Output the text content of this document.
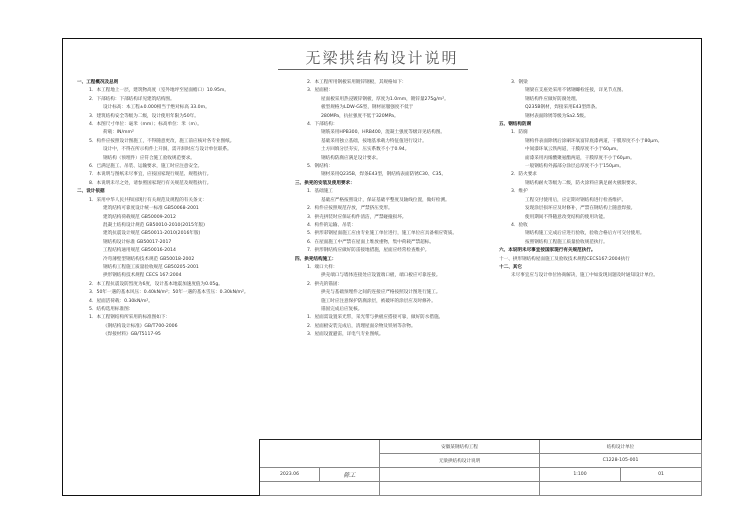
无梁拱结构设计说明
一、工程概况及总则
1．本工程地上一层，建筑物高度（室外地坪至屋面檐口）10.95m。
2．下部结构：下部结构详见建筑结构图。
设计标高：本工程±0.000相当于绝对标高 33.0m。
3．建筑结构安全等级为二级，设计使用年限为50年。
4．本图尺寸单位：毫米（mm）；标高单位：米（m）。
荷载：lN/mm²
5．构件应按照设计图施工，不得随意更改，施工前应核对各专业图纸。
设计中，不得在所示构件上开洞，需开洞时应与设计单位联系。
钢结构（预埋件）应符合施工验收规范要求。
6．已满足施工、吊装、运输要求，施工时应注意安全。
7．本说明与图纸未尽事宜，应按国家现行规范、规程执行。
8．本说明未尽之处，请参照国家现行有关规范及规程执行。
二、设计依据
1．采用中华人民共和国现行有关规范及规程的有关条文：
建筑结构可靠度设计统一标准 GB50068-2001
建筑结构荷载规范 GB50009-2012
混凝土结构设计规范 GB50010-2010(2015年版)
建筑抗震设计规范 GB50011-2010(2016年版)
钢结构设计标准 GB50017-2017
工程结构通用规范 GB50016-2014
冷弯薄壁型钢结构技术规范 GB50018-2002
钢结构工程施工质量验收规范 GB50205-2001
拱形钢结构技术规程 CECS 167:2004
2．本工程抗震设防烈度为6度，设计基本地震加速度值为0.05g。
3．50年一遇的基本风压：0.40kN/m²；50年一遇的基本雪压：0.30kN/m²。
4．屋面活荷载：0.30kN/m²。
5．结构选用标准图：
1．本工程钢结构所采用的标准图如下：
《钢结构设计标准》GB/T700-2006
《焊接材料》GB/T5117-95
2．本工程所用钢板采用镀锌钢板，其规格如下：
3．屋面板：
屋面板采用热浸镀锌钢板，厚度为1.0mm，镀锌量275g/m²。
板型规格为LDW-GS型，钢材屈服强度不低于
280MPa，抗拉强度不低于320MPa。
4．下部结构：
钢筋采用HPB300、HRB400，混凝土强度等级详见结构图。
基础采用独立基础，按地基承载力特征值进行设计。
土方回填分层夯实，压实系数不小于0.94。
钢结构防腐应满足设计要求。
5．钢结构：
钢材采用Q235B，焊条E43型，钢结构表面防锈C30、C35。
三、拱壳的安装及使用要求：
1．基础施工
基础应严格按照设计，保证基础平整度及轴线位置，做好检测。
2．构件应按照规范存放，严禁挤压变形。
3．拱壳拼装时应保证构件清洁，严禁碰撞损坏。
4．构件的运输、吊装：
5．拱形彩钢屋面施工应由专业施工单位进行，施工单位应具备相应资质。
6．在屋面施工中严禁在屋面上堆放重物，集中荷载严禁超标。
7．拱形钢结构应做好防雷接地措施，屋面应经常检查维护。
四、拱壳结构施工：
1．端口大样：
拱壳端口与墙体连接处应设置端口板，端口板应可靠连接。
2．拱壳的锚固：
拱壳与基础预埋件之间的连接应严格按照设计图进行施工。
施工时应注意保护防腐涂层，被破坏的涂层应及时修补。
锚固完成后应复核。
1．屋面需设置采光带，采光带与拱板应搭接可靠，做好防水措施。
2．屋面板安装完成后，清理屋面杂物及铁屑等杂物。
3．屋面设置避雷，详电气专业图纸。
3．钢梁
钢梁在支座处采用不锈钢螺栓连接，详见节点图。
钢结构件应做好防腐处理。
Q235B钢材，焊接采用E43型焊条。
钢材表面除锈等级为Sa2.5级。
五、钢结构防腐
1．防腐
钢构件表面除锈后涂刷环氧富锌底漆两道，干膜厚度不小于80μm。
中间漆环氧云铁两道，干膜厚度不小于60μm。
面漆采用丙烯酸聚氨酯两道，干膜厚度不小于60μm。
一般钢结构外露部分涂层总厚度不小于150μm。
2．防火要求
钢结构耐火等级为二级，防火涂料应满足耐火极限要求。
3．维护
工程交付使用后，应定期对钢结构进行检查维护。
发现涂层损坏应及时修补，严禁在钢结构上随意焊接。
使用期间不得随意改变结构的使用功能。
4．验收
钢结构施工完成后应进行验收，验收合格后方可交付使用。
按照钢结构工程施工质量验收规范执行。
六、本说明未尽事宜按国家现行有关规范执行。
十一、拱形钢结构屋面施工及验收技术规程CECS167:2004执行
十二、其它
未尽事宜应与设计单位协商解决，施工中如发现问题及时通知设计单位。
安徽某钢结构工程	结构设计单位
无梁拱结构设计说明	C1228-105-001
2023.06	陈工	1:100	01
